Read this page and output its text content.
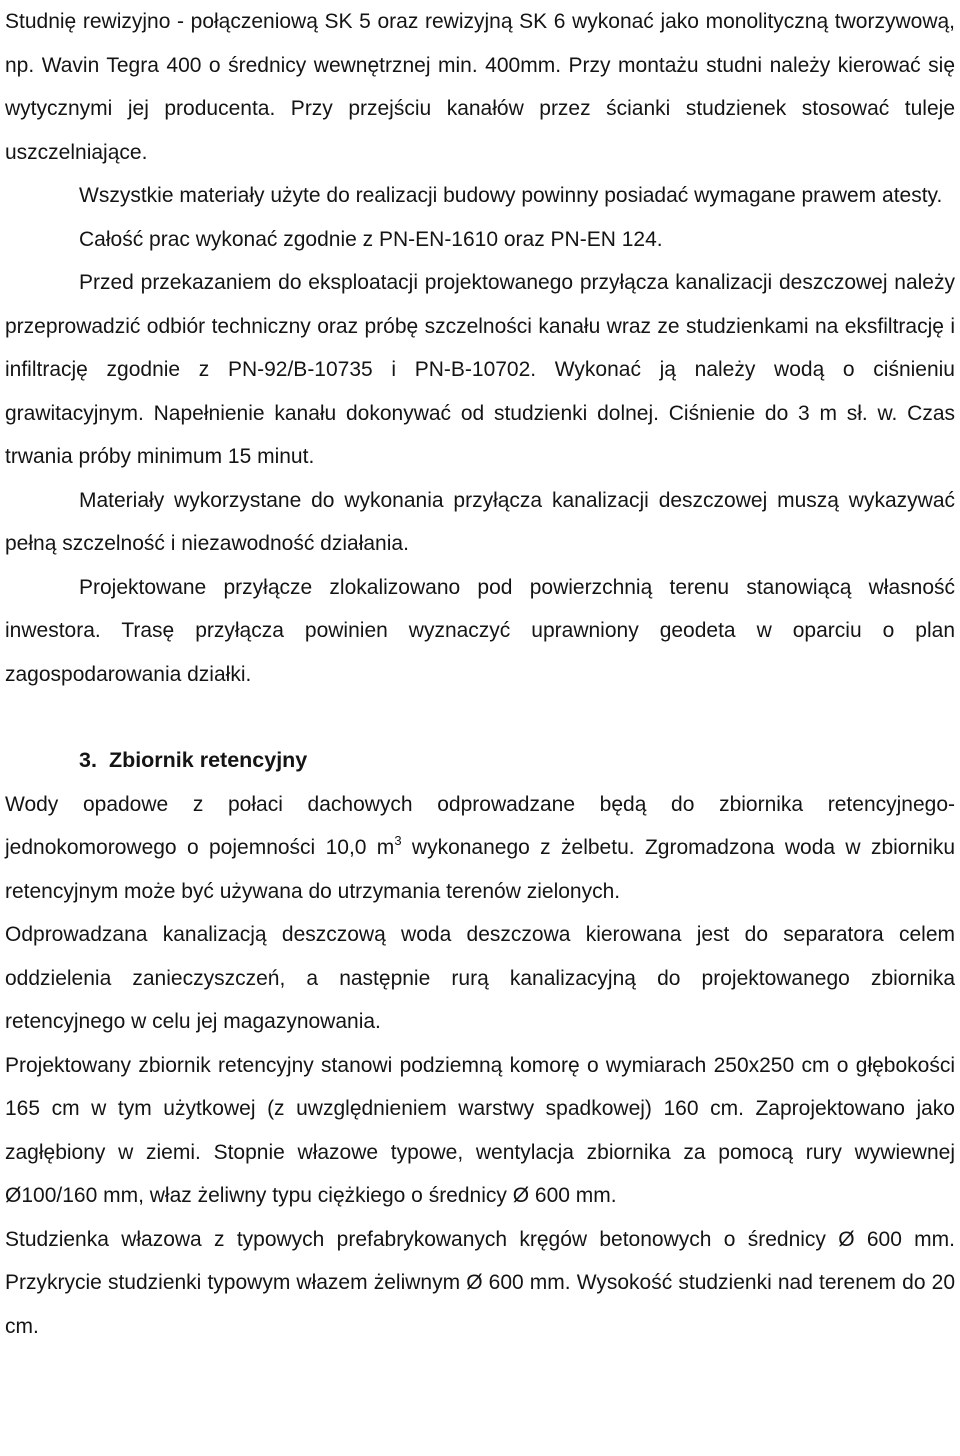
Studnię rewizyjno - połączeniową SK 5 oraz rewizyjną SK 6 wykonać jako monolityczną tworzywową, np. Wavin Tegra 400 o średnicy wewnętrznej min. 400mm. Przy montażu studni należy kierować się wytycznymi jej producenta. Przy przejściu kanałów przez ścianki studzienek stosować tuleje uszczelniające.

Wszystkie materiały użyte do realizacji budowy powinny posiadać wymagane prawem atesty.

Całość prac wykonać zgodnie z PN-EN-1610 oraz PN-EN 124.

Przed przekazaniem do eksploatacji projektowanego przyłącza kanalizacji deszczowej należy przeprowadzić odbiór techniczny oraz próbę szczelności kanału wraz ze studzienkami na eksfiltrację i infiltrację zgodnie z PN-92/B-10735 i PN-B-10702. Wykonać ją należy wodą o ciśnieniu grawitacyjnym. Napełnienie kanału dokonywać od studzienki dolnej. Ciśnienie do 3 m sł. w. Czas trwania próby minimum 15 minut.

Materiały wykorzystane do wykonania przyłącza kanalizacji deszczowej muszą wykazywać pełną szczelność i niezawodność działania.

Projektowane przyłącze zlokalizowano pod powierzchnią terenu stanowiącą własność inwestora. Trasę przyłącza powinien wyznaczyć uprawniony geodeta w oparciu o plan zagospodarowania działki.

3. Zbiornik retencyjny

Wody opadowe z połaci dachowych odprowadzane będą do zbiornika retencyjnego-jednokomorowego o pojemności 10,0 $m^3$ wykonanego z żelbetu. Zgromadzona woda w zbiorniku retencyjnym może być używana do utrzymania terenów zielonych.

Odprowadzana kanalizacją deszczową woda deszczowa kierowana jest do separatora celem oddzielenia zanieczyszczeń, a następnie rurą kanalizacyjną do projektowanego zbiornika retencyjnego w celu jej magazynowania.

Projektowany zbiornik retencyjny stanowi podziemną komorę o wymiarach 250x250 cm o głębokości 165 cm w tym użytkowej (z uwzględnieniem warstwy spadkowej) 160 cm. Zaprojektowano jako zagłębiony w ziemi. Stopnie włazowe typowe, wentylacja zbiornika za pomocą rury wywiewnej Ø100/160 mm, właz żeliwny typu ciężkiego o średnicy Ø 600 mm.

Studzienka włazowa z typowych prefabrykowanych kręgów betonowych o średnicy Ø 600 mm. Przykrycie studzienki typowym włazem żeliwnym Ø 600 mm. Wysokość studzienki nad terenem do 20 cm.
